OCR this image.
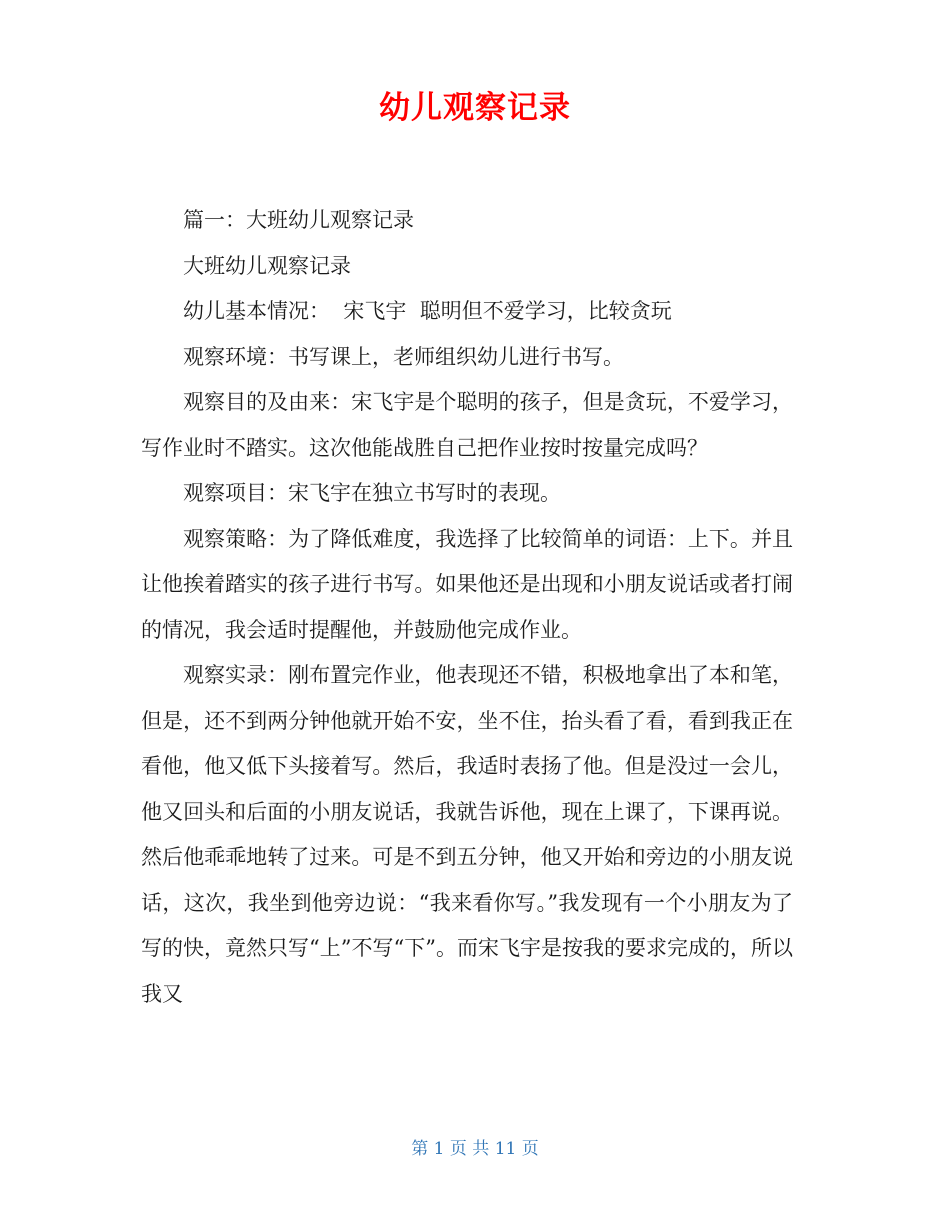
幼儿观察记录

篇一：大班幼儿观察记录

大班幼儿观察记录

幼儿基本情况：  宋飞宇  聪明但不爱学习，比较贪玩

观察环境：书写课上，老师组织幼儿进行书写。

观察目的及由来：宋飞宇是个聪明的孩子，但是贪玩，不爱学习，写作业时不踏实。这次他能战胜自己把作业按时按量完成吗？

观察项目：宋飞宇在独立书写时的表现。

观察策略：为了降低难度，我选择了比较简单的词语：上下。并且让他挨着踏实的孩子进行书写。如果他还是出现和小朋友说话或者打闹的情况，我会适时提醒他，并鼓励他完成作业。

观察实录：刚布置完作业，他表现还不错，积极地拿出了本和笔，但是，还不到两分钟他就开始不安，坐不住，抬头看了看，看到我正在看他，他又低下头接着写。然后，我适时表扬了他。但是没过一会儿，他又回头和后面的小朋友说话，我就告诉他，现在上课了，下课再说。然后他乖乖地转了过来。可是不到五分钟，他又开始和旁边的小朋友说话，这次，我坐到他旁边说：“我来看你写。”我发现有一个小朋友为了写的快，竟然只写“上”不写“下”。而宋飞宇是按我的要求完成的，所以我又

第 1 页 共 11 页
